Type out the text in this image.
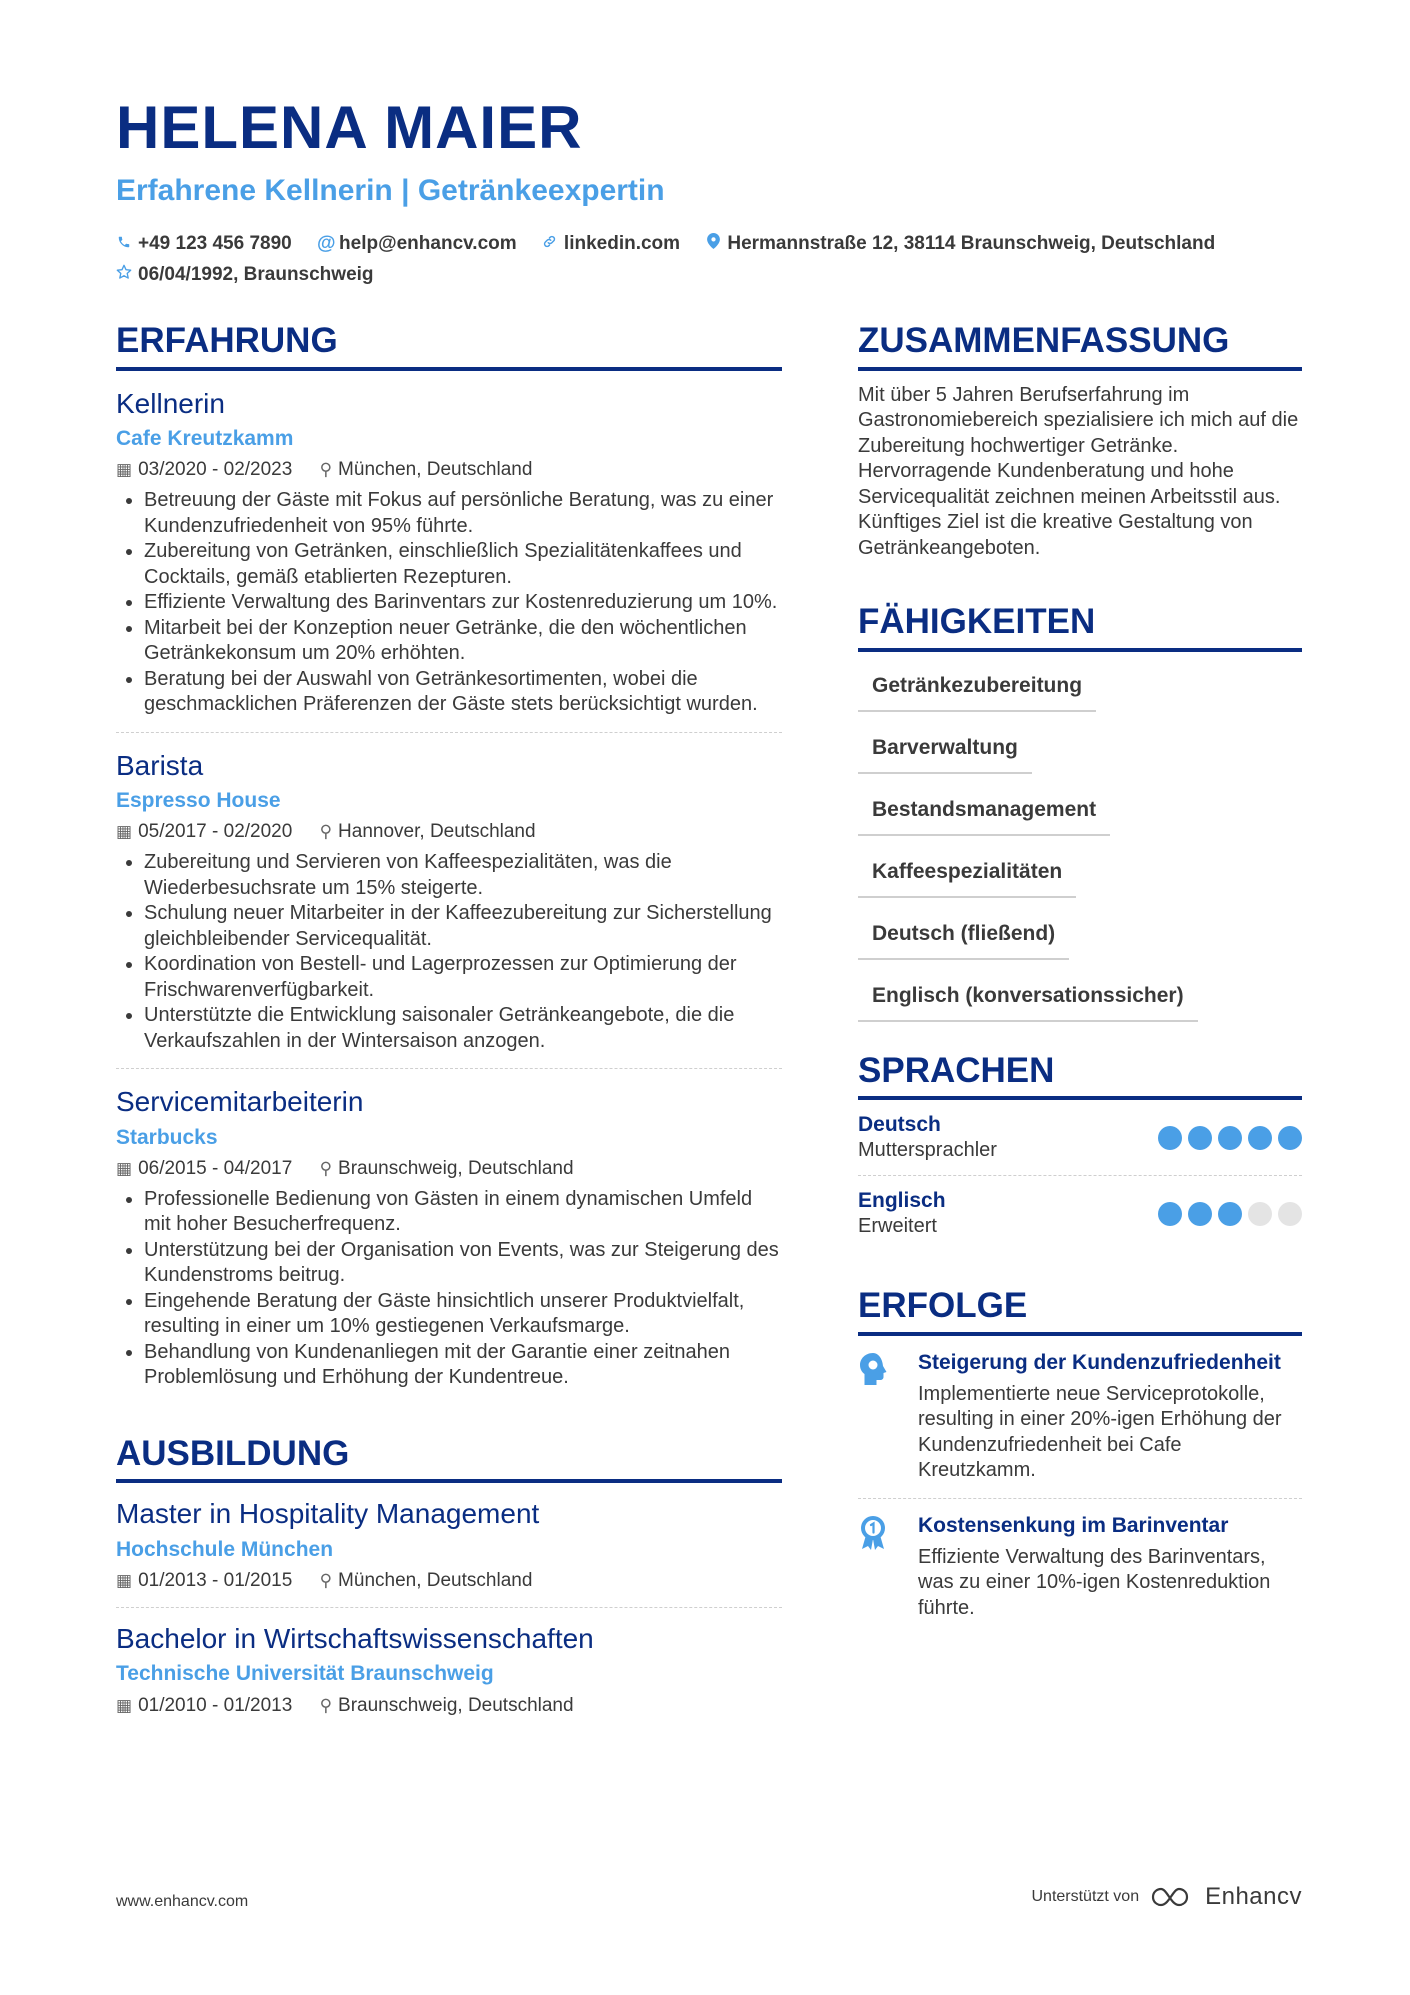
HELENA MAIER
Erfahrene Kellnerin | Getränkeexpertin
+49 123 456 7890 @ help@enhancv.com linkedin.com Hermannstraße 12, 38114 Braunschweig, Deutschland
06/04/1992, Braunschweig
ERFAHRUNG
Kellnerin
Cafe Kreutzkamm
▦ 03/2020 - 02/2023 ⚲ München, Deutschland
• Betreuung der Gäste mit Fokus auf persönliche Beratung, was zu einer Kundenzufriedenheit von 95% führte.
• Zubereitung von Getränken, einschließlich Spezialitätenkaffees und Cocktails, gemäß etablierten Rezepturen.
• Effiziente Verwaltung des Barinventars zur Kostenreduzierung um 10%.
• Mitarbeit bei der Konzeption neuer Getränke, die den wöchentlichen Getränkekonsum um 20% erhöhten.
• Beratung bei der Auswahl von Getränkesortimenten, wobei die geschmacklichen Präferenzen der Gäste stets berücksichtigt wurden.
Barista
Espresso House
▦ 05/2017 - 02/2020 ⚲ Hannover, Deutschland
• Zubereitung und Servieren von Kaffeespezialitäten, was die Wiederbesuchsrate um 15% steigerte.
• Schulung neuer Mitarbeiter in der Kaffeezubereitung zur Sicherstellung gleichbleibender Servicequalität.
• Koordination von Bestell- und Lagerprozessen zur Optimierung der Frischwarenverfügbarkeit.
• Unterstützte die Entwicklung saisonaler Getränkeangebote, die die Verkaufszahlen in der Wintersaison anzogen.
Servicemitarbeiterin
Starbucks
▦ 06/2015 - 04/2017 ⚲ Braunschweig, Deutschland
• Professionelle Bedienung von Gästen in einem dynamischen Umfeld mit hoher Besucherfrequenz.
• Unterstützung bei der Organisation von Events, was zur Steigerung des Kundenstroms beitrug.
• Eingehende Beratung der Gäste hinsichtlich unserer Produktvielfalt, resulting in einer um 10% gestiegenen Verkaufsmarge.
• Behandlung von Kundenanliegen mit der Garantie einer zeitnahen Problemlösung und Erhöhung der Kundentreue.
AUSBILDUNG
Master in Hospitality Management
Hochschule München
▦ 01/2013 - 01/2015 ⚲ München, Deutschland
Bachelor in Wirtschaftswissenschaften
Technische Universität Braunschweig
▦ 01/2010 - 01/2013 ⚲ Braunschweig, Deutschland
ZUSAMMENFASSUNG
Mit über 5 Jahren Berufserfahrung im Gastronomiebereich spezialisiere ich mich auf die Zubereitung hochwertiger Getränke. Hervorragende Kundenberatung und hohe Servicequalität zeichnen meinen Arbeitsstil aus. Künftiges Ziel ist die kreative Gestaltung von Getränkeangeboten.
FÄHIGKEITEN
Getränkezubereitung
Barverwaltung
Bestandsmanagement
Kaffeespezialitäten
Deutsch (fließend)
Englisch (konversationssicher)
SPRACHEN
Deutsch
Muttersprachler
Englisch
Erweitert
ERFOLGE
Steigerung der Kundenzufriedenheit
Implementierte neue Serviceprotokolle, resulting in einer 20%-igen Erhöhung der Kundenzufriedenheit bei Cafe Kreutzkamm.
Kostensenkung im Barinventar
Effiziente Verwaltung des Barinventars, was zu einer 10%-igen Kostenreduktion führte.
www.enhancv.com	Unterstützt von	Enhancv
